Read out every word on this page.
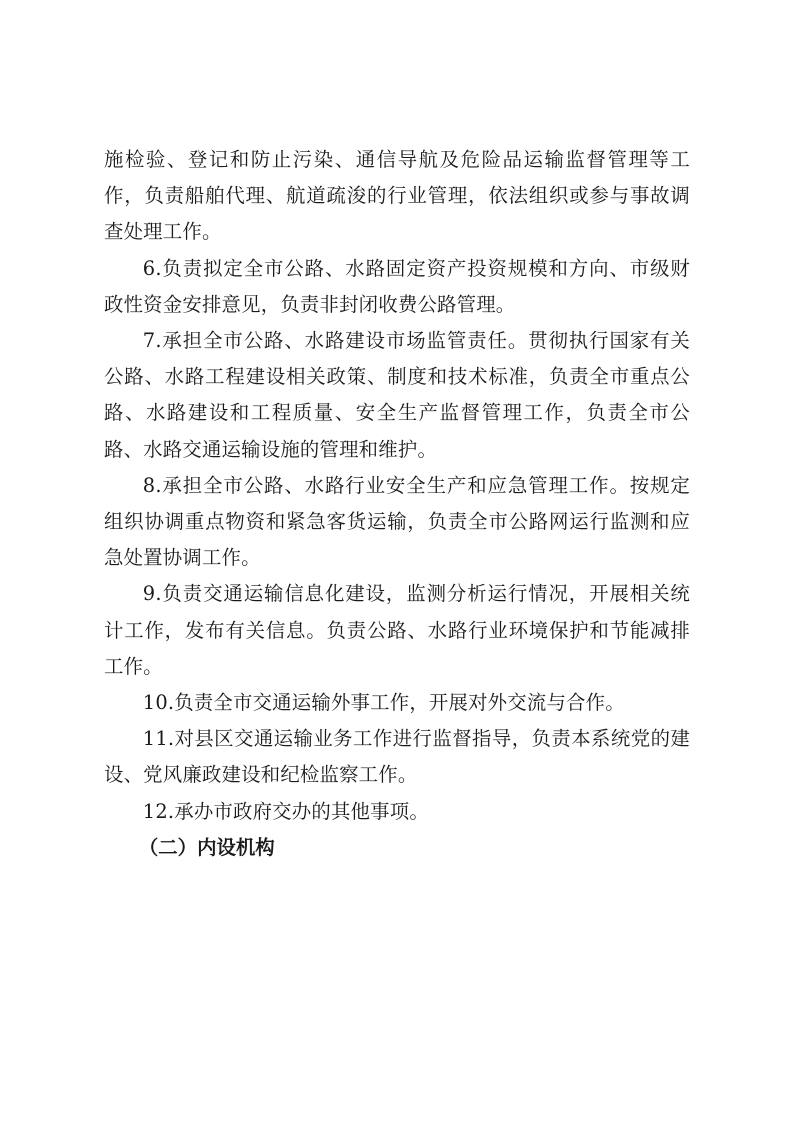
施检验、登记和防止污染、通信导航及危险品运输监督管理等工作，负责船舶代理、航道疏浚的行业管理，依法组织或参与事故调查处理工作。

6.负责拟定全市公路、水路固定资产投资规模和方向、市级财政性资金安排意见，负责非封闭收费公路管理。

7.承担全市公路、水路建设市场监管责任。贯彻执行国家有关公路、水路工程建设相关政策、制度和技术标准，负责全市重点公路、水路建设和工程质量、安全生产监督管理工作，负责全市公路、水路交通运输设施的管理和维护。

8.承担全市公路、水路行业安全生产和应急管理工作。按规定组织协调重点物资和紧急客货运输，负责全市公路网运行监测和应急处置协调工作。

9.负责交通运输信息化建设，监测分析运行情况，开展相关统计工作，发布有关信息。负责公路、水路行业环境保护和节能减排工作。

10.负责全市交通运输外事工作，开展对外交流与合作。

11.对县区交通运输业务工作进行监督指导，负责本系统党的建设、党风廉政建设和纪检监察工作。

12.承办市政府交办的其他事项。

（二）内设机构
